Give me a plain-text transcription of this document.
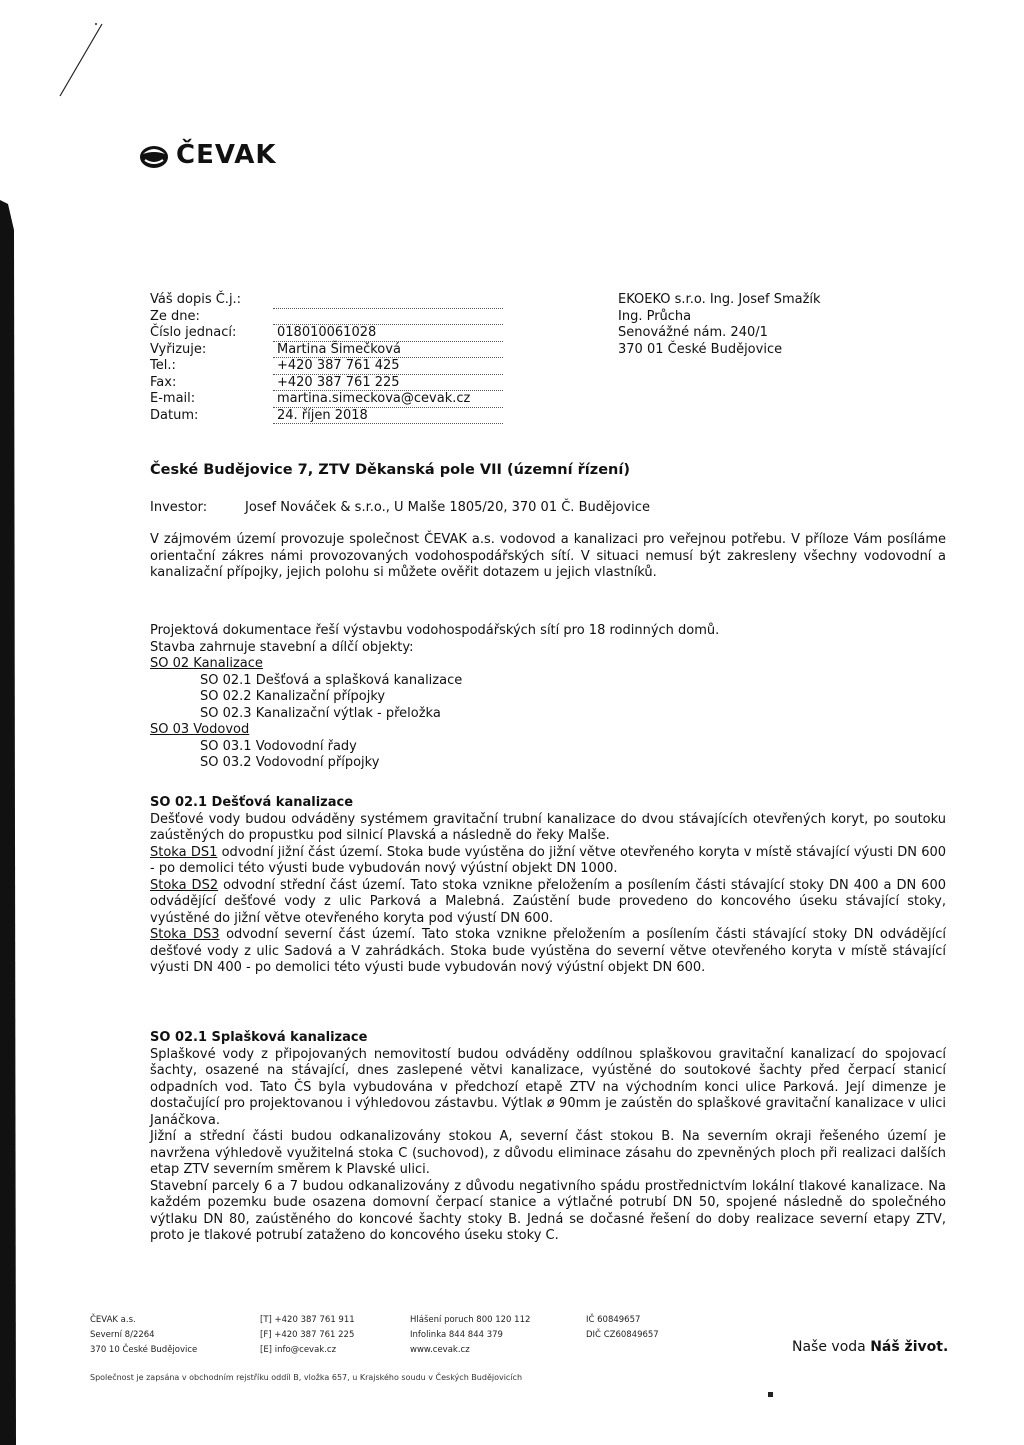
ČEVAK
Váš dopis Č.j.:
Ze dne:
Číslo jednací:	018010061028
Vyřizuje:	Martina Šimečková
Tel.:	+420 387 761 425
Fax:	+420 387 761 225
E-mail:	martina.simeckova@cevak.cz
Datum:	24. říjen 2018
EKOEKO s.r.o. Ing. Josef Smažík
Ing. Průcha
Senovážné nám. 240/1
370 01 České Budějovice
České Budějovice 7, ZTV Děkanská pole VII (územní řízení)
Investor:	Josef Nováček & s.r.o., U Malše 1805/20, 370 01 Č. Budějovice

V zájmovém území provozuje společnost ČEVAK a.s. vodovod a kanalizaci pro veřejnou potřebu. V příloze Vám posíláme orientační zákres námi provozovaných vodohospodářských sítí. V situaci nemusí být zakresleny všechny vodovodní a kanalizační přípojky, jejich polohu si můžete ověřit dotazem u jejich vlastníků.

Projektová dokumentace řeší výstavbu vodohospodářských sítí pro 18 rodinných domů.
Stavba zahrnuje stavební a dílčí objekty:
SO 02 Kanalizace
SO 02.1 Dešťová a splašková kanalizace
SO 02.2 Kanalizační přípojky
SO 02.3 Kanalizační výtlak - přeložka
SO 03 Vodovod
SO 03.1 Vodovodní řady
SO 03.2 Vodovodní přípojky
SO 02.1 Dešťová kanalizace

Dešťové vody budou odváděny systémem gravitační trubní kanalizace do dvou stávajících otevřených koryt, po soutoku zaústěných do propustku pod silnicí Plavská a následně do řeky Malše.

Stoka DS1 odvodní jižní část území. Stoka bude vyústěna do jižní větve otevřeného koryta v místě stávající výusti DN 600 - po demolici této výusti bude vybudován nový výústní objekt DN 1000.

Stoka DS2 odvodní střední část území. Tato stoka vznikne přeložením a posílením části stávající stoky DN 400 a DN 600 odvádějící dešťové vody z ulic Parková a Malebná. Zaústění bude provedeno do koncového úseku stávající stoky, vyústěné do jižní větve otevřeného koryta pod výustí DN 600.

Stoka DS3 odvodní severní část území. Tato stoka vznikne přeložením a posílením části stávající stoky DN odvádějící dešťové vody z ulic Sadová a V zahrádkách. Stoka bude vyústěna do severní větve otevřeného koryta v místě stávající výusti DN 400 - po demolici této výusti bude vybudován nový výústní objekt DN 600.

SO 02.1 Splašková kanalizace

Splaškové vody z připojovaných nemovitostí budou odváděny oddílnou splaškovou gravitační kanalizací do spojovací šachty, osazené na stávající, dnes zaslepené větvi kanalizace, vyústěné do soutokové šachty před čerpací stanicí odpadních vod. Tato ČS byla vybudována v předchozí etapě ZTV na východním konci ulice Parková. Její dimenze je dostačující pro projektovanou i výhledovou zástavbu. Výtlak ø 90mm je zaústěn do splaškové gravitační kanalizace v ulici Janáčkova.

Jižní a střední části budou odkanalizovány stokou A, severní část stokou B. Na severním okraji řešeného území je navržena výhledově využitelná stoka C (suchovod), z důvodu eliminace zásahu do zpevněných ploch při realizaci dalších etap ZTV severním směrem k Plavské ulici.

Stavební parcely 6 a 7 budou odkanalizovány z důvodu negativního spádu prostřednictvím lokální tlakové kanalizace. Na každém pozemku bude osazena domovní čerpací stanice a výtlačné potrubí DN 50, spojené následně do společného výtlaku DN 80, zaústěného do koncové šachty stoky B. Jedná se dočasné řešení do doby realizace severní etapy ZTV, proto je tlakové potrubí zataženo do koncového úseku stoky C.

ČEVAK a.s.
Severní 8/2264
370 10 České Budějovice
[T] +420 387 761 911
[F] +420 387 761 225
[E] info@cevak.cz
Hlášení poruch 800 120 112
Infolinka 844 844 379
www.cevak.cz
IČ 60849657
DIČ CZ60849657
Naše voda Náš život.
Společnost je zapsána v obchodním rejstříku oddíl B, vložka 657, u Krajského soudu v Českých Budějovicích
